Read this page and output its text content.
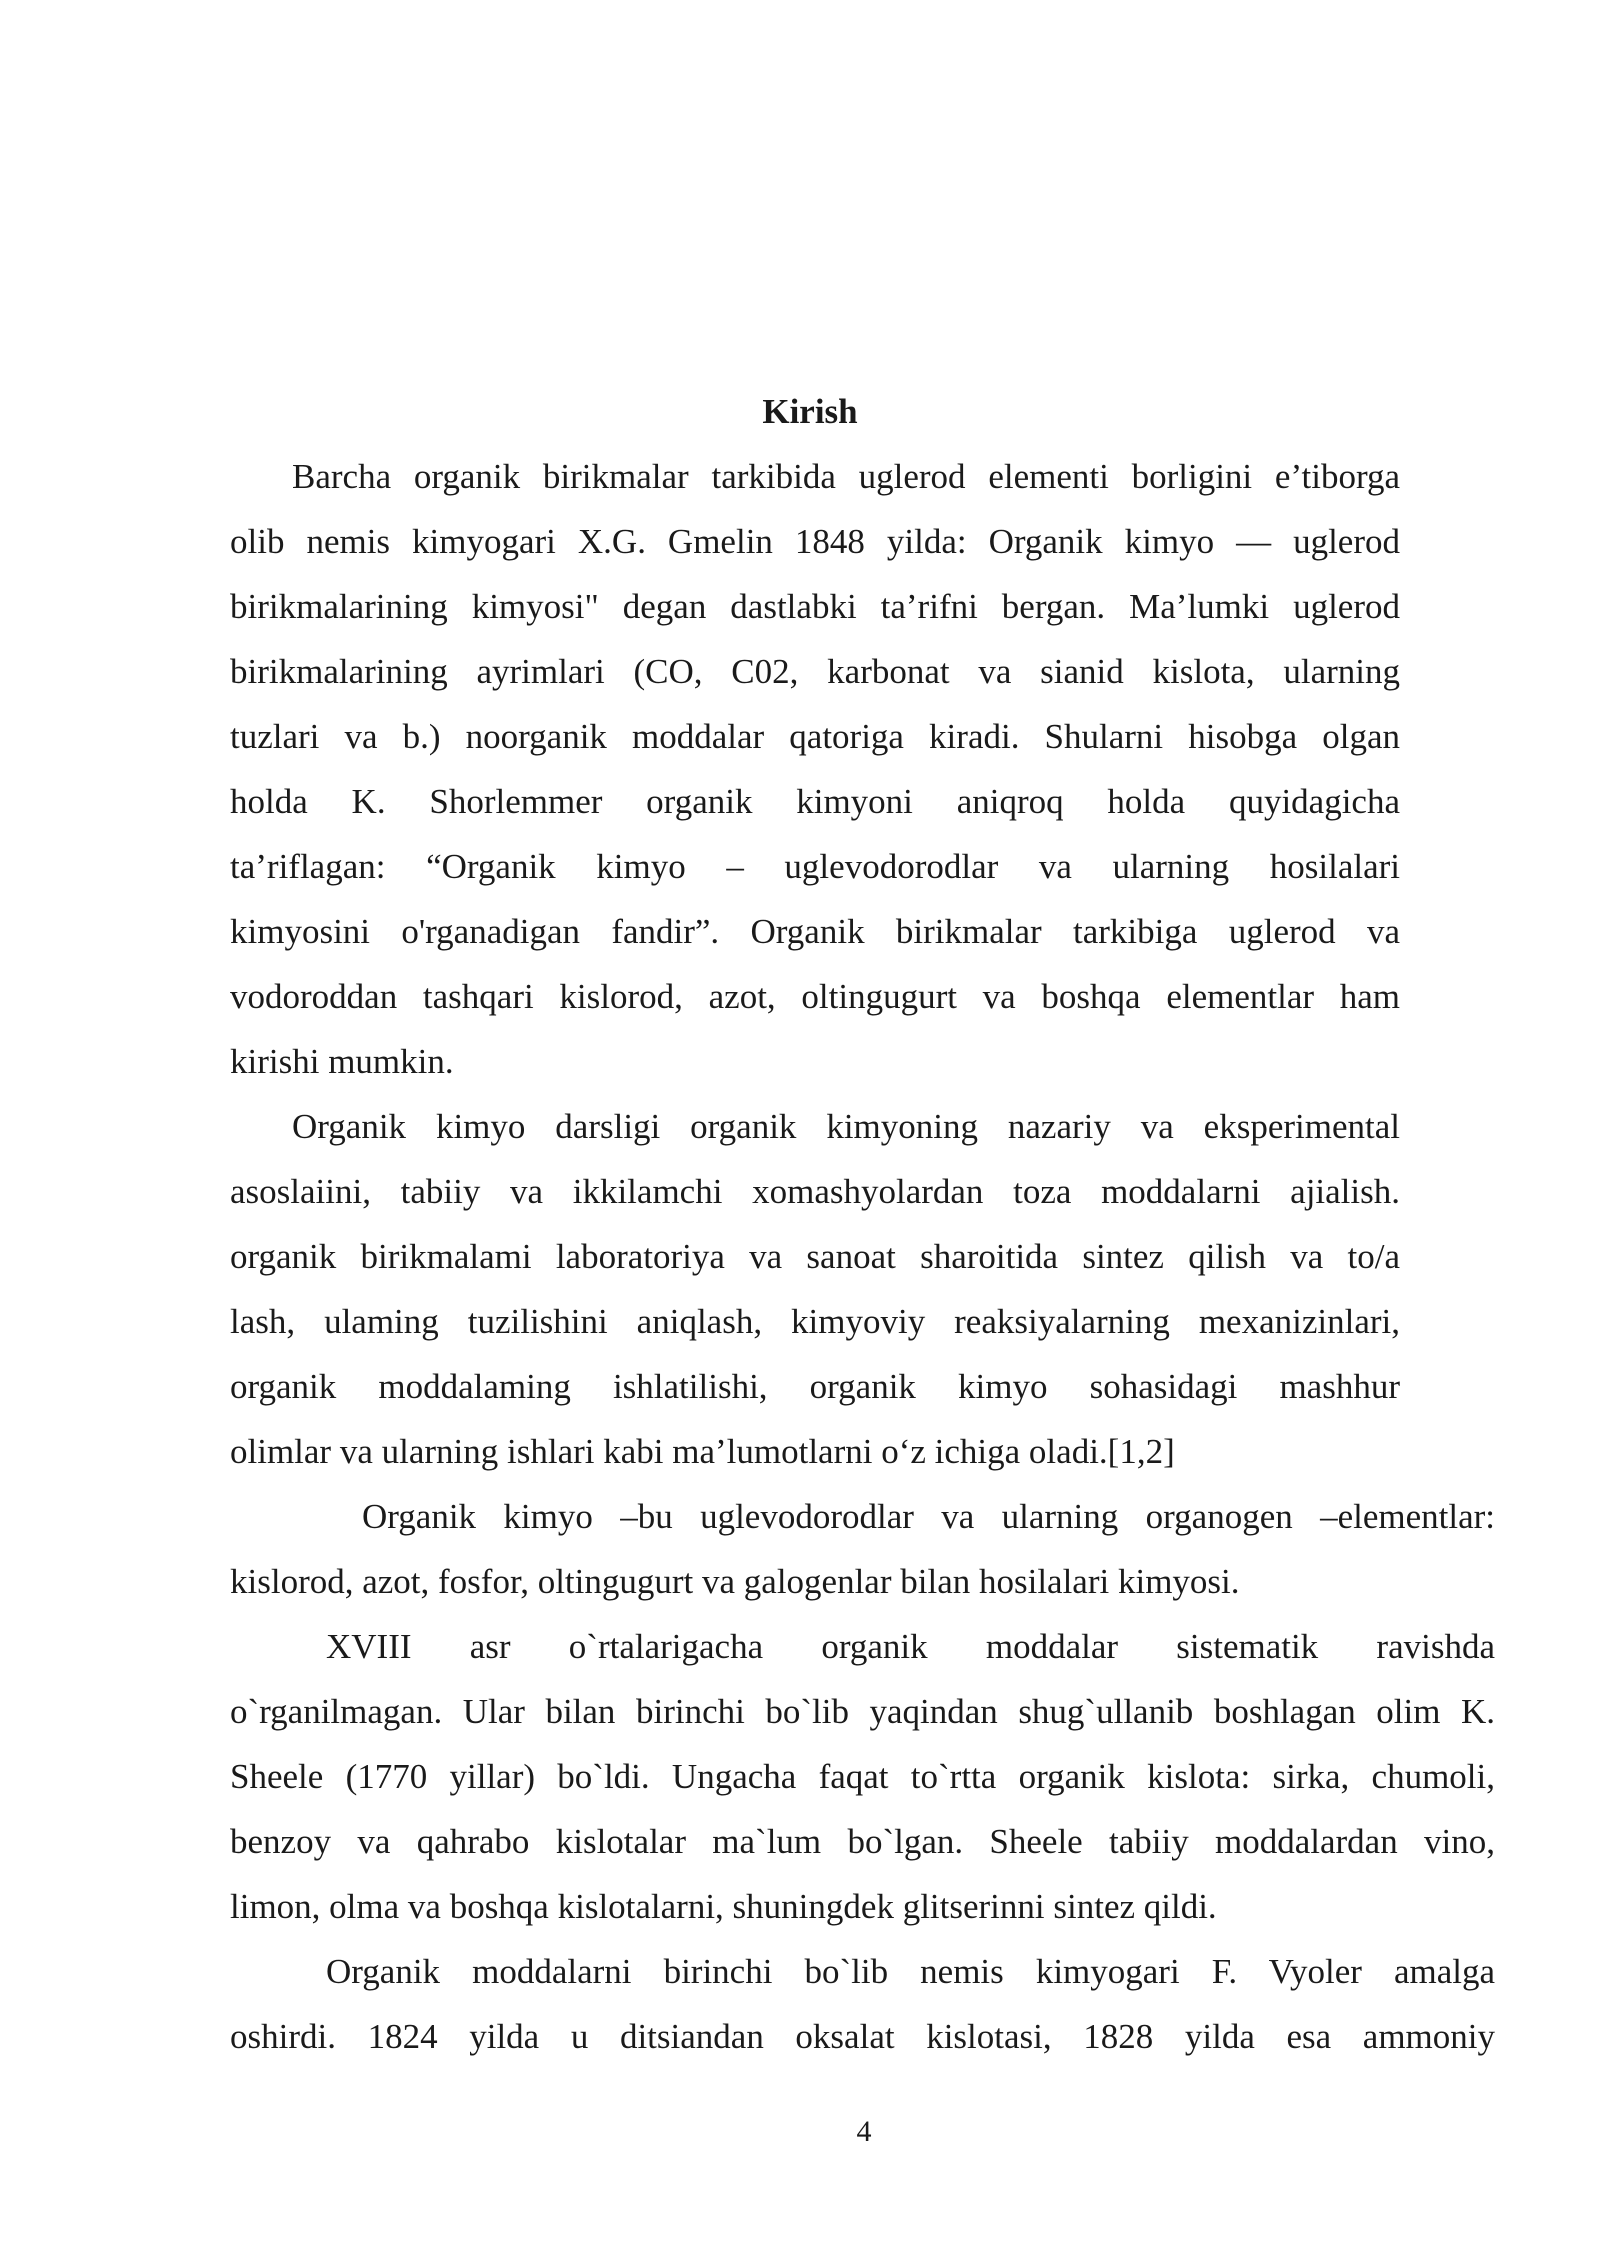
Kirish
Barcha organik birikmalar tarkibida uglerod elementi borligini e’tiborga
olib nemis kimyogari X.G. Gmelin 1848 yilda: Organik kimyo — uglerod
birikmalarining kimyosi" degan dastlabki ta’rifni bergan. Ma’lumki uglerod
birikmalarining ayrimlari (CO, C02, karbonat va sianid kislota, ularning
tuzlari va b.) noorganik moddalar qatoriga kiradi. Shularni hisobga olgan
holda K. Shorlemmer organik kimyoni aniqroq holda quyidagicha
ta’riflagan: “Organik kimyo – uglevodorodlar va ularning hosilalari
kimyosini o'rganadigan fandir”. Organik birikmalar tarkibiga uglerod va
vodoroddan tashqari kislorod, azot, oltingugurt va boshqa elementlar ham
kirishi mumkin.
Organik kimyo darsligi organik kimyoning nazariy va eksperimental
asoslaiini, tabiiy va ikkilamchi xomashyolardan toza moddalarni ajialish.
organik birikmalami laboratoriya va sanoat sharoitida sintez qilish va to/a
lash, ulaming tuzilishini aniqlash, kimyoviy reaksiyalarning mexanizinlari,
organik moddalaming ishlatilishi, organik kimyo sohasidagi mashhur
olimlar va ularning ishlari kabi ma’lumotlarni o‘z ichiga oladi.[1,2]
Organik kimyo –bu uglevodorodlar va ularning organogen –elementlar:
kislorod, azot, fosfor, oltingugurt va galogenlar bilan hosilalari kimyosi.
XVIII asr o`rtalarigacha organik moddalar sistematik ravishda
o`rganilmagan. Ular bilan birinchi bo`lib yaqindan shug`ullanib boshlagan olim K.
Sheele (1770 yillar) bo`ldi. Ungacha faqat to`rtta organik kislota: sirka, chumoli,
benzoy va qahrabo kislotalar ma`lum bo`lgan. Sheele tabiiy moddalardan vino,
limon, olma va boshqa kislotalarni, shuningdek glitserinni sintez qildi.
Organik moddalarni birinchi bo`lib nemis kimyogari F. Vyoler amalga
oshirdi. 1824 yilda u ditsiandan oksalat kislotasi, 1828 yilda esa ammoniy
4
